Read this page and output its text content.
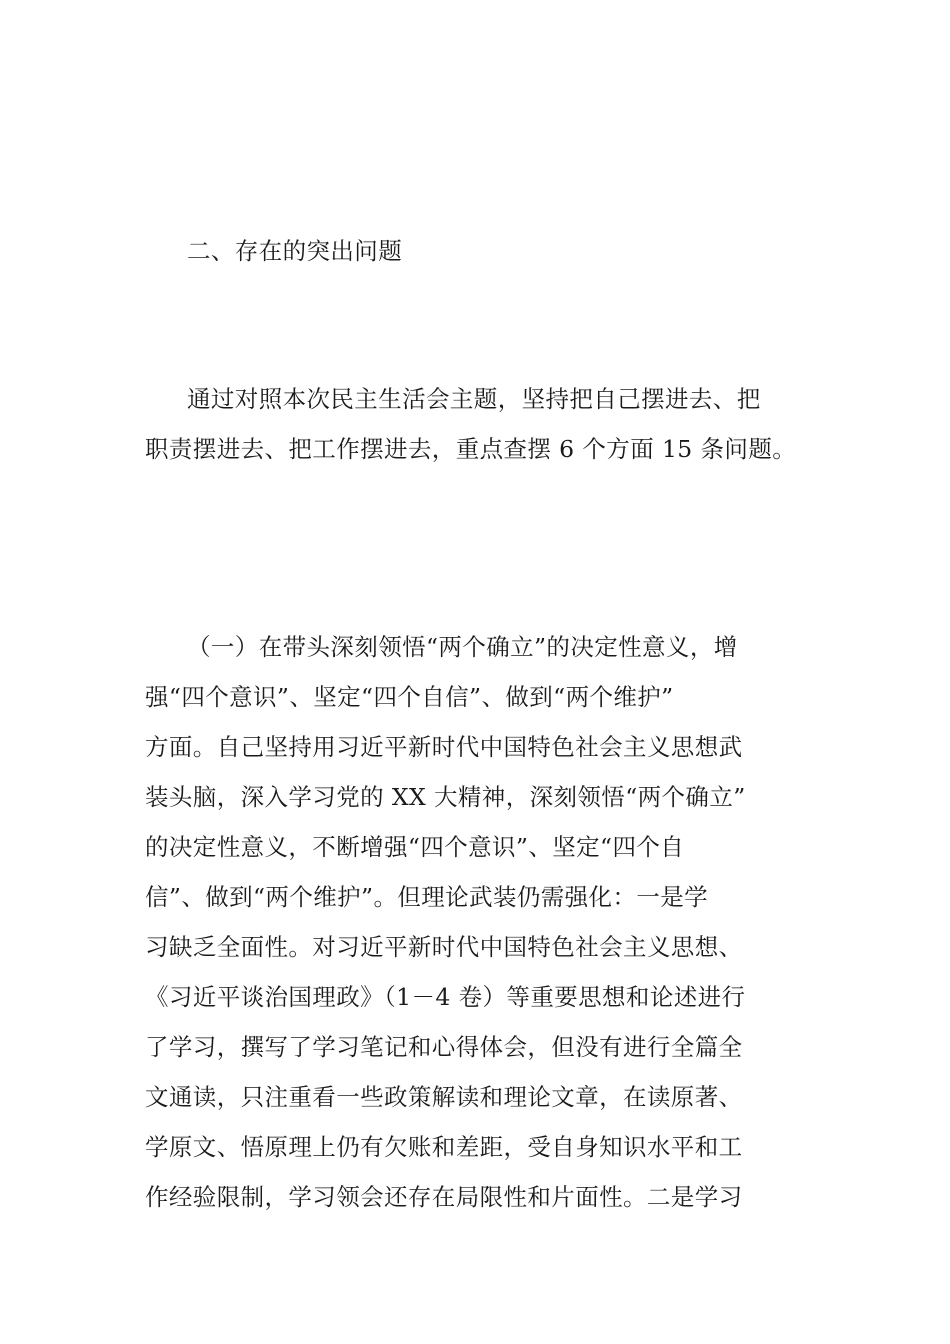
二、存在的突出问题
通过对照本次民主生活会主题，坚持把自己摆进去、把
职责摆进去、把工作摆进去，重点查摆 6 个方面 15 条问题。
（一）在带头深刻领悟“两个确立”的决定性意义，增
强“四个意识”、坚定“四个自信”、做到“两个维护”
方面。自己坚持用习近平新时代中国特色社会主义思想武
装头脑，深入学习党的 XX 大精神，深刻领悟“两个确立”
的决定性意义，不断增强“四个意识”、坚定“四个自
信”、做到“两个维护”。但理论武装仍需强化：一是学
习缺乏全面性。对习近平新时代中国特色社会主义思想、
《习近平谈治国理政》（1－4 卷）等重要思想和论述进行
了学习，撰写了学习笔记和心得体会，但没有进行全篇全
文通读，只注重看一些政策解读和理论文章，在读原著、
学原文、悟原理上仍有欠账和差距，受自身知识水平和工
作经验限制，学习领会还存在局限性和片面性。二是学习
